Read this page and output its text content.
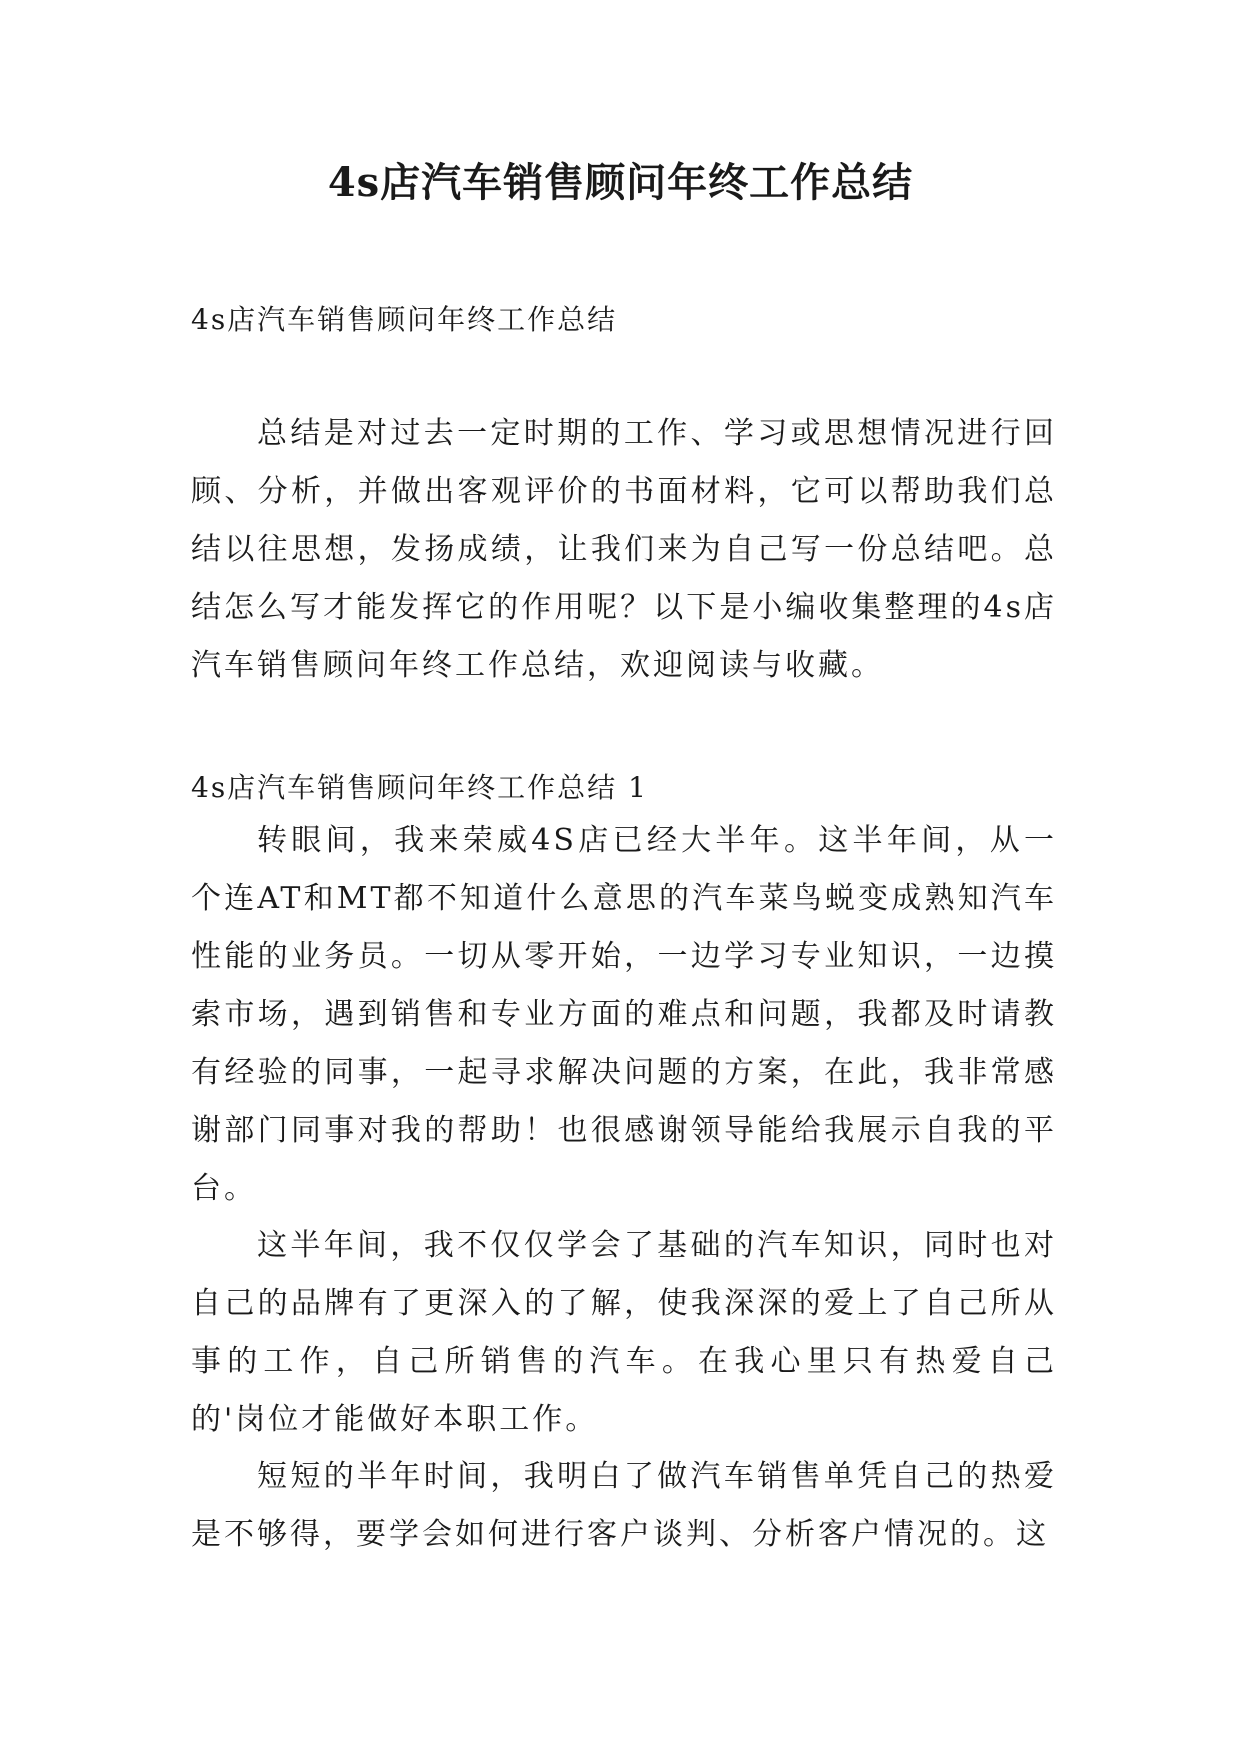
4s店汽车销售顾问年终工作总结

4s店汽车销售顾问年终工作总结

总结是对过去一定时期的工作、学习或思想情况进行回顾、分析，并做出客观评价的书面材料，它可以帮助我们总结以往思想，发扬成绩，让我们来为自己写一份总结吧。总结怎么写才能发挥它的作用呢？以下是小编收集整理的4s店汽车销售顾问年终工作总结，欢迎阅读与收藏。

4s店汽车销售顾问年终工作总结 1

转眼间，我来荣威4S店已经大半年。这半年间，从一个连AT和MT都不知道什么意思的汽车菜鸟蜕变成熟知汽车性能的业务员。一切从零开始，一边学习专业知识，一边摸索市场，遇到销售和专业方面的难点和问题，我都及时请教有经验的同事，一起寻求解决问题的方案，在此，我非常感谢部门同事对我的帮助！也很感谢领导能给我展示自我的平台。

这半年间，我不仅仅学会了基础的汽车知识，同时也对自己的品牌有了更深入的了解，使我深深的爱上了自己所从事的工作，自己所销售的汽车。在我心里只有热爱自己的'岗位才能做好本职工作。

短短的半年时间，我明白了做汽车销售单凭自己的热爱是不够得，要学会如何进行客户谈判、分析客户情况的。这
